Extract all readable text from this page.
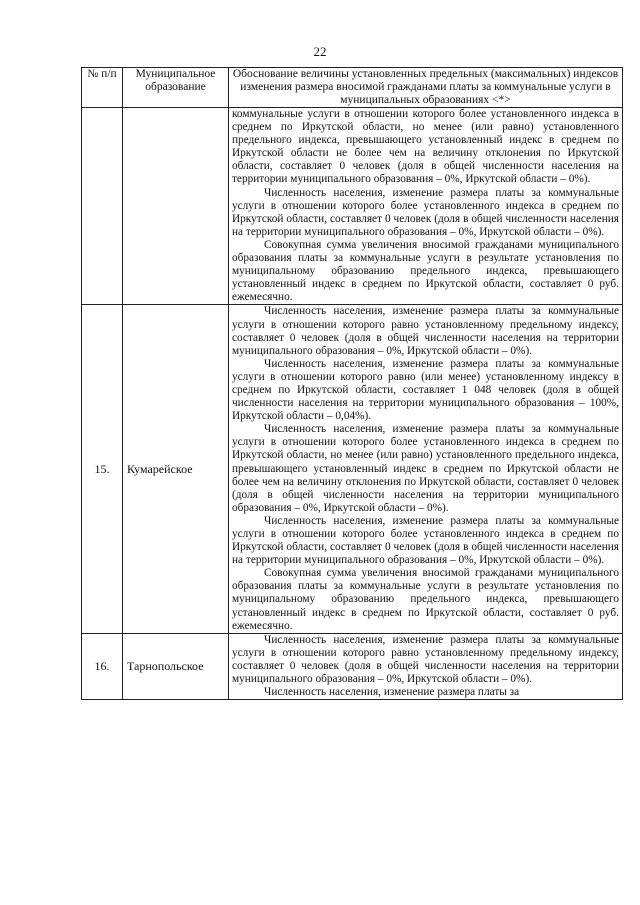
22
№ п/п	Муниципальное образование	Обоснование величины установленных предельных (максимальных) индексов изменения размера вносимой гражданами платы за коммунальные услуги в муниципальных образованиях <*>

		коммунальные услуги в отношении которого более установленного индекса в среднем по Иркутской области, но менее (или равно) установленного предельного индекса, превышающего установленный индекс в среднем по Иркутской области не более чем на величину отклонения по Иркутской области, составляет 0 человек (доля в общей численности населения на территории муниципального образования – 0%, Иркутской области – 0%).

Численность населения, изменение размера платы за коммунальные услуги в отношении которого более установленного индекса в среднем по Иркутской области, составляет 0 человек (доля в общей численности населения на территории муниципального образования – 0%, Иркутской области – 0%).

Совокупная сумма увеличения вносимой гражданами муниципального образования платы за коммунальные услуги в результате установления по муниципальному образованию предельного индекса, превышающего установленный индекс в среднем по Иркутской области, составляет 0 руб. ежемесячно.

15.	Кумарейское	Численность населения, изменение размера платы за коммунальные услуги в отношении которого равно установленному предельному индексу, составляет 0 человек (доля в общей численности населения на территории муниципального образования – 0%, Иркутской области – 0%).

Численность населения, изменение размера платы за коммунальные услуги в отношении которого равно (или менее) установленному индексу в среднем по Иркутской области, составляет 1 048 человек (доля в общей численности населения на территории муниципального образования – 100%, Иркутской области – 0,04%).

Численность населения, изменение размера платы за коммунальные услуги в отношении которого более установленного индекса в среднем по Иркутской области, но менее (или равно) установленного предельного индекса, превышающего установленный индекс в среднем по Иркутской области не более чем на величину отклонения по Иркутской области, составляет 0 человек (доля в общей численности населения на территории муниципального образования – 0%, Иркутской области – 0%).

Численность населения, изменение размера платы за коммунальные услуги в отношении которого более установленного индекса в среднем по Иркутской области, составляет 0 человек (доля в общей численности населения на территории муниципального образования – 0%, Иркутской области – 0%).

Совокупная сумма увеличения вносимой гражданами муниципального образования платы за коммунальные услуги в результате установления по муниципальному образованию предельного индекса, превышающего установленный индекс в среднем по Иркутской области, составляет 0 руб. ежемесячно.

16.	Тарнопольское	Численность населения, изменение размера платы за коммунальные услуги в отношении которого равно установленному предельному индексу, составляет 0 человек (доля в общей численности населения на территории муниципального образования – 0%, Иркутской области – 0%).

Численность населения, изменение размера платы за
